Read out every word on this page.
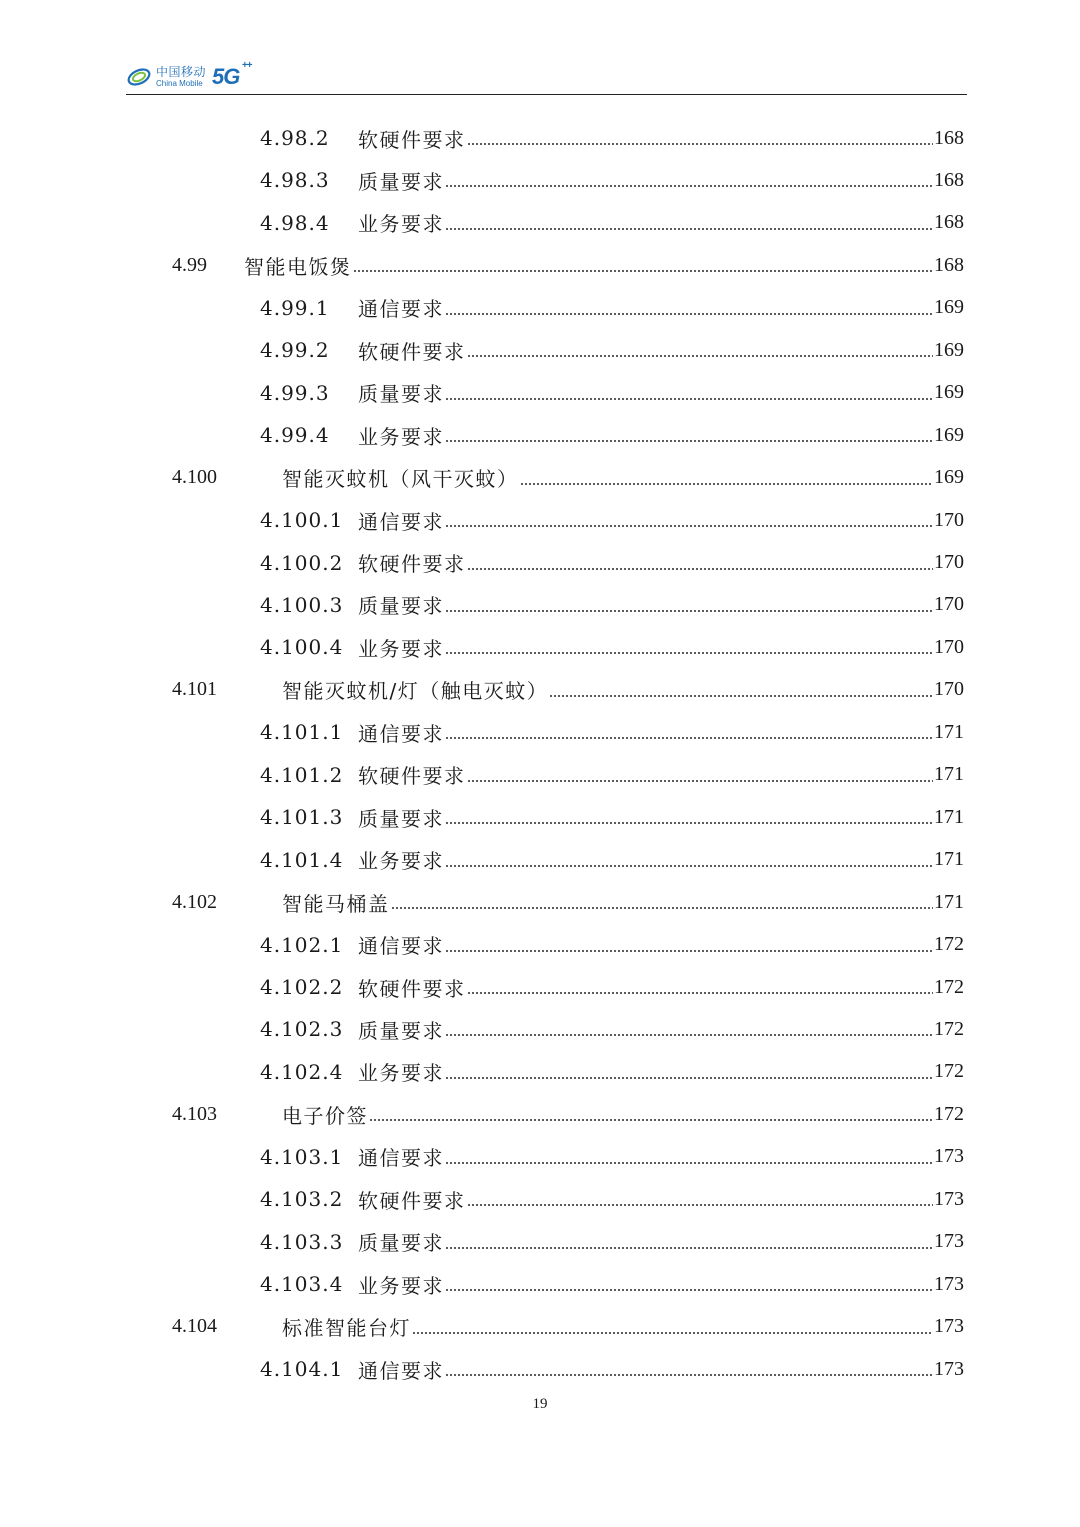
中国移动
China Mobile 5G ++
4.98.2	软硬件要求	168
4.98.3	质量要求	168
4.98.4	业务要求	168
4.99	智能电饭煲	168
4.99.1	通信要求	169
4.99.2	软硬件要求	169
4.99.3	质量要求	169
4.99.4	业务要求	169
4.100	智能灭蚊机（风干灭蚊）	169
4.100.1 通信要求	170
4.100.2 软硬件要求	170
4.100.3 质量要求	170
4.100.4 业务要求	170
4.101	智能灭蚊机/灯（触电灭蚊）	170
4.101.1 通信要求	171
4.101.2 软硬件要求	171
4.101.3 质量要求	171
4.101.4 业务要求	171
4.102	智能马桶盖	171
4.102.1 通信要求	172
4.102.2 软硬件要求	172
4.102.3 质量要求	172
4.102.4 业务要求	172
4.103	电子价签	172
4.103.1 通信要求	173
4.103.2 软硬件要求	173
4.103.3 质量要求	173
4.103.4 业务要求	173
4.104	标准智能台灯	173
4.104.1 通信要求	173
19
